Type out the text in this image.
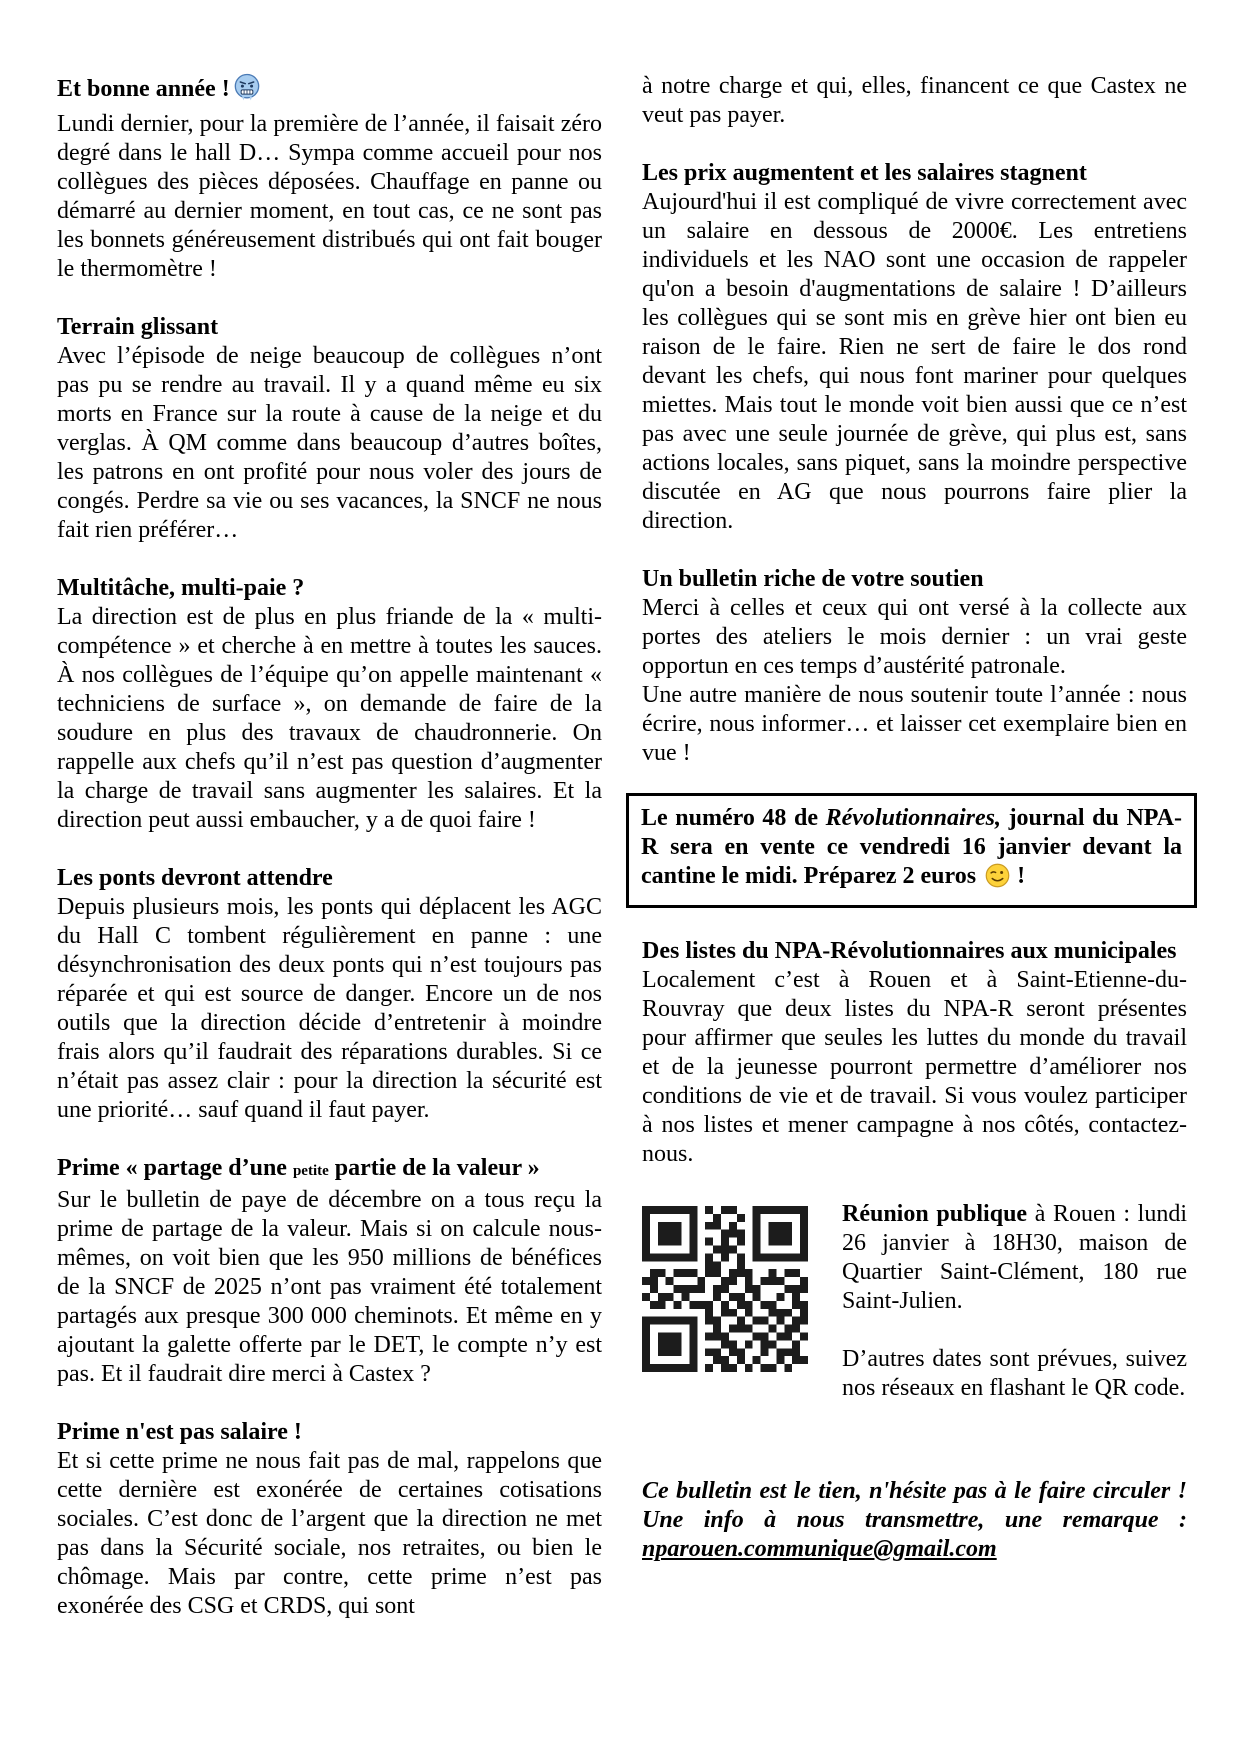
Et bonne année !

Lundi dernier, pour la première de l’année, il faisait zéro degré dans le hall D… Sympa comme accueil pour nos collègues des pièces déposées. Chauffage en panne ou démarré au dernier moment, en tout cas, ce ne sont pas les bonnets généreusement distribués qui ont fait bouger le thermomètre !

Terrain glissant

Avec l’épisode de neige beaucoup de collègues n’ont pas pu se rendre au travail. Il y a quand même eu six morts en France sur la route à cause de la neige et du verglas. À QM comme dans beaucoup d’autres boîtes, les patrons en ont profité pour nous voler des jours de congés. Perdre sa vie ou ses vacances, la SNCF ne nous fait rien préférer…

Multitâche, multi-paie ?

La direction est de plus en plus friande de la « multi-compétence » et cherche à en mettre à toutes les sauces. À nos collègues de l’équipe qu’on appelle maintenant « techniciens de surface », on demande de faire de la soudure en plus des travaux de chaudronnerie. On rappelle aux chefs qu’il n’est pas question d’augmenter la charge de travail sans augmenter les salaires. Et la direction peut aussi embaucher, y a de quoi faire !

Les ponts devront attendre

Depuis plusieurs mois, les ponts qui déplacent les AGC du Hall C tombent régulièrement en panne : une désynchronisation des deux ponts qui n’est toujours pas réparée et qui est source de danger. Encore un de nos outils que la direction décide d’entretenir à moindre frais alors qu’il faudrait des réparations durables. Si ce n’était pas assez clair : pour la direction la sécurité est une priorité… sauf quand il faut payer.

Prime « partage d’une petite partie de la valeur »

Sur le bulletin de paye de décembre on a tous reçu la prime de partage de la valeur. Mais si on calcule nous-mêmes, on voit bien que les 950 millions de bénéfices de la SNCF de 2025 n’ont pas vraiment été totalement partagés aux presque 300 000 cheminots. Et même en y ajoutant la galette offerte par le DET, le compte n’y est pas. Et il faudrait dire merci à Castex ?

Prime n'est pas salaire !

Et si cette prime ne nous fait pas de mal, rappelons que cette dernière est exonérée de certaines cotisations sociales. C’est donc de l’argent que la direction ne met pas dans la Sécurité sociale, nos retraites, ou bien le chômage. Mais par contre, cette prime n’est pas exonérée des CSG et CRDS, qui sont

à notre charge et qui, elles, financent ce que Castex ne veut pas payer.

Les prix augmentent et les salaires stagnent

Aujourd'hui il est compliqué de vivre correctement avec un salaire en dessous de 2000€. Les entretiens individuels et les NAO sont une occasion de rappeler qu'on a besoin d'augmentations de salaire ! D’ailleurs les collègues qui se sont mis en grève hier ont bien eu raison de le faire. Rien ne sert de faire le dos rond devant les chefs, qui nous font mariner pour quelques miettes. Mais tout le monde voit bien aussi que ce n’est pas avec une seule journée de grève, qui plus est, sans actions locales, sans piquet, sans la moindre perspective discutée en AG que nous pourrons faire plier la direction.

Un bulletin riche de votre soutien

Merci à celles et ceux qui ont versé à la collecte aux portes des ateliers le mois dernier : un vrai geste opportun en ces temps d’austérité patronale.

Une autre manière de nous soutenir toute l’année : nous écrire, nous informer… et laisser cet exemplaire bien en vue !

Le numéro 48 de Révolutionnaires, journal du NPA-R sera en vente ce vendredi 16 janvier devant la cantine le midi. Préparez 2 euros  !
Des listes du NPA-Révolutionnaires aux municipales

Localement c’est à Rouen et à Saint-Etienne-du-Rouvray que deux listes du NPA-R seront présentes pour affirmer que seules les luttes du monde du travail et de la jeunesse pourront permettre d’améliorer nos conditions de vie et de travail. Si vous voulez participer à nos listes et mener campagne à nos côtés, contactez-nous.

Réunion publique à Rouen : lundi 26 janvier à 18H30, maison de Quartier Saint-Clément, 180 rue Saint-Julien.

D’autres dates sont prévues, suivez nos réseaux en flashant le QR code.

Ce bulletin est le tien, n'hésite pas à le faire circuler ! Une info à nous transmettre, une remarque : nparouen.communique@gmail.com
